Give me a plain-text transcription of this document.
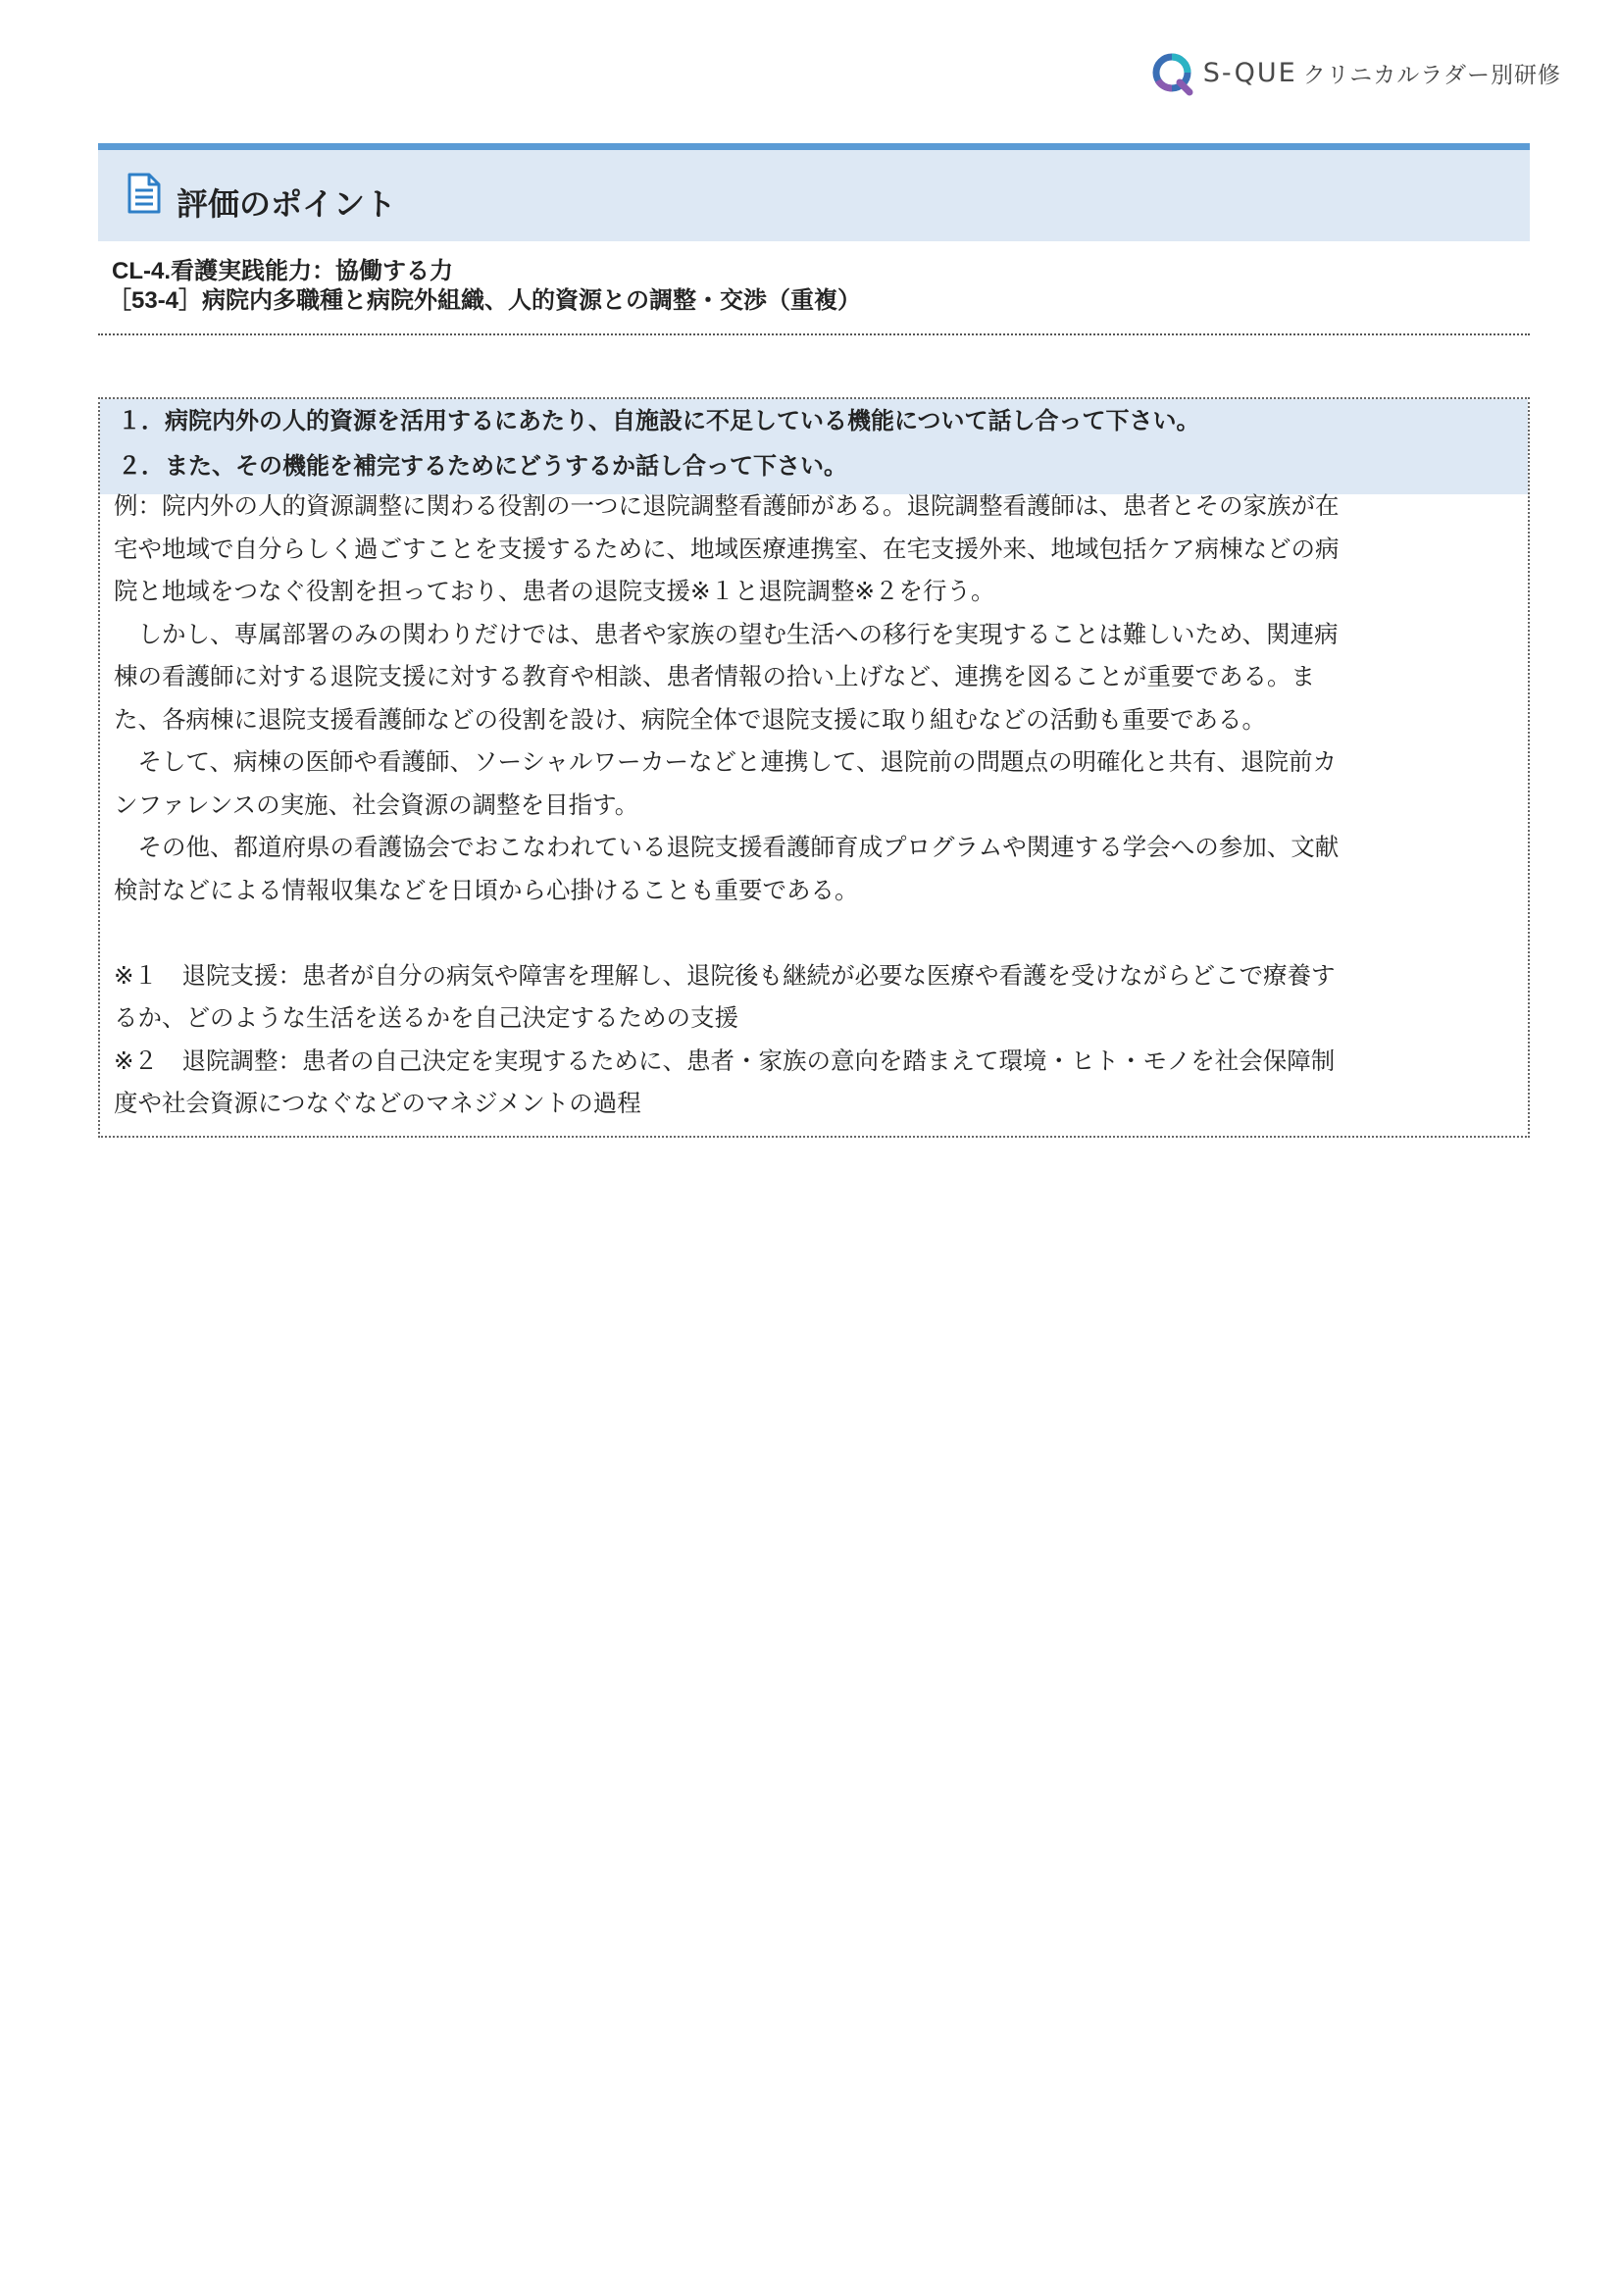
S-QUE クリニカルラダー別研修
評価のポイント
CL-4.看護実践能力：協働する力
［53-4］病院内多職種と病院外組織、人的資源との調整・交渉（重複）
１．病院内外の人的資源を活用するにあたり、自施設に不足している機能について話し合って下さい。
２．また、その機能を補完するためにどうするか話し合って下さい。

例：院内外の人的資源調整に関わる役割の一つに退院調整看護師がある。退院調整看護師は、患者とその家族が在

宅や地域で自分らしく過ごすことを支援するために、地域医療連携室、在宅支援外来、地域包括ケア病棟などの病

院と地域をつなぐ役割を担っており、患者の退院支援※１と退院調整※２を行う。

　しかし、専属部署のみの関わりだけでは、患者や家族の望む生活への移行を実現することは難しいため、関連病

棟の看護師に対する退院支援に対する教育や相談、患者情報の拾い上げなど、連携を図ることが重要である。ま

た、各病棟に退院支援看護師などの役割を設け、病院全体で退院支援に取り組むなどの活動も重要である。

　そして、病棟の医師や看護師、ソーシャルワーカーなどと連携して、退院前の問題点の明確化と共有、退院前カ

ンファレンスの実施、社会資源の調整を目指す。

　その他、都道府県の看護協会でおこなわれている退院支援看護師育成プログラムや関連する学会への参加、文献

検討などによる情報収集などを日頃から心掛けることも重要である。

※１　退院支援：患者が自分の病気や障害を理解し、退院後も継続が必要な医療や看護を受けながらどこで療養す

るか、どのような生活を送るかを自己決定するための支援

※２　退院調整：患者の自己決定を実現するために、患者・家族の意向を踏まえて環境・ヒト・モノを社会保障制

度や社会資源につなぐなどのマネジメントの過程
